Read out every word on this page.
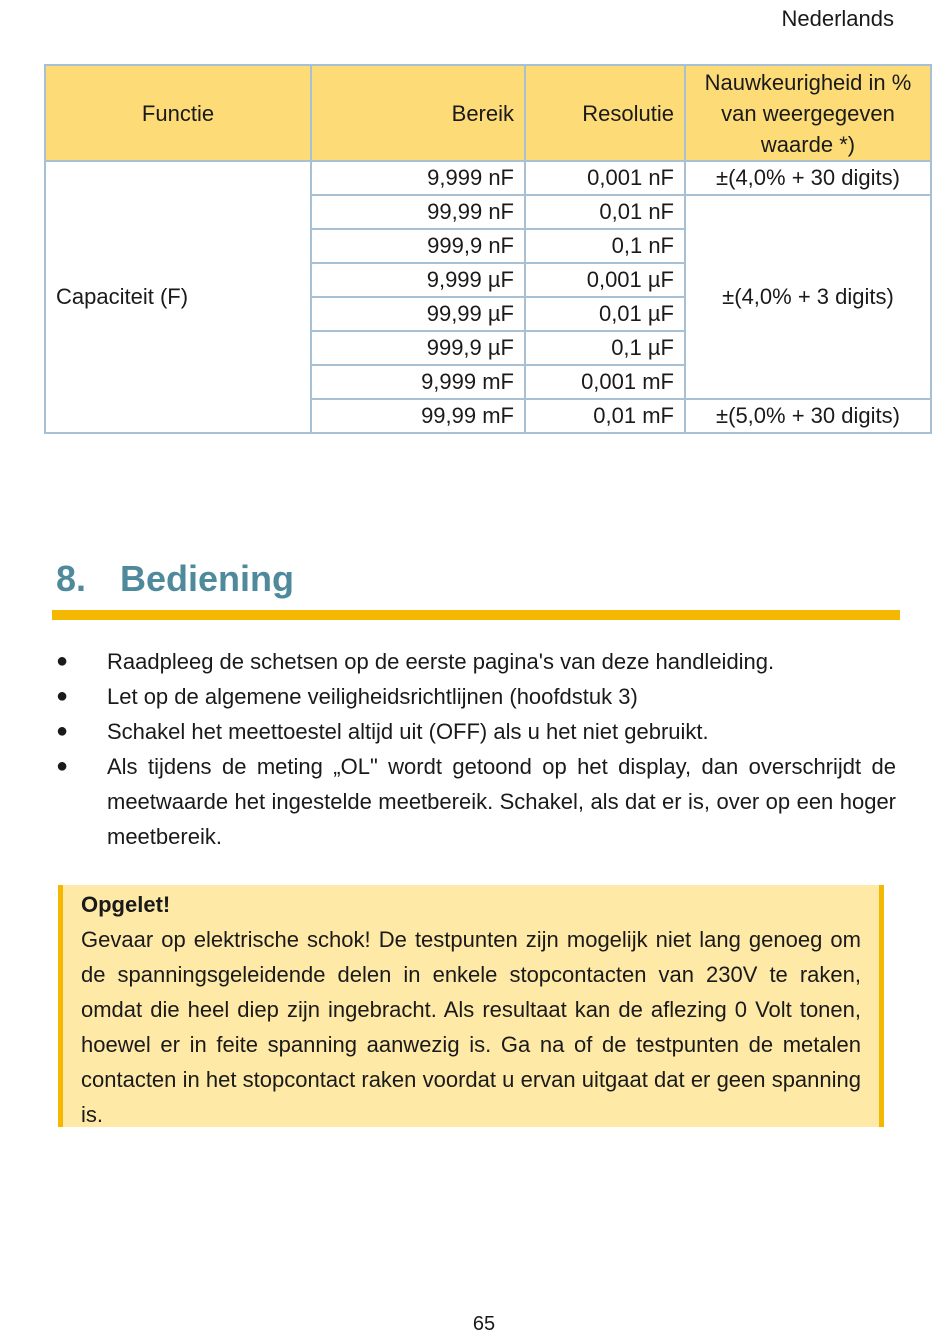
Nederlands
Functie	Bereik	Resolutie	Nauwkeurigheid in % van weergegeven waarde *)
Capaciteit (F)	9,999 nF	0,001 nF	±(4,0% + 30 digits)
	99,99 nF	0,01 nF	±(4,0% + 3 digits)
	999,9 nF	0,1 nF	
	9,999 µF	0,001 µF	
	99,99 µF	0,01 µF	
	999,9 µF	0,1 µF	
	9,999 mF	0,001 mF	
	99,99 mF	0,01 mF	±(5,0% + 30 digits)
8. Bediening
● Raadpleeg de schetsen op de eerste pagina's van deze handleiding.
● Let op de algemene veiligheidsrichtlijnen (hoofdstuk 3)
● Schakel het meettoestel altijd uit (OFF) als u het niet gebruikt.
● Als tijdens de meting „OL" wordt getoond op het display, dan overschrijdt de meetwaarde het ingestelde meetbereik. Schakel, als dat er is, over op een hoger meetbereik.
Opgelet!
Gevaar op elektrische schok! De testpunten zijn mogelijk niet lang genoeg om de spanningsgeleidende delen in enkele stopcontacten van 230V te raken, omdat die heel diep zijn ingebracht. Als resultaat kan de aflezing 0 Volt tonen, hoewel er in feite spanning aanwezig is. Ga na of de testpunten de metalen contacten in het stopcontact raken voordat u ervan uitgaat dat er geen spanning is.
65
